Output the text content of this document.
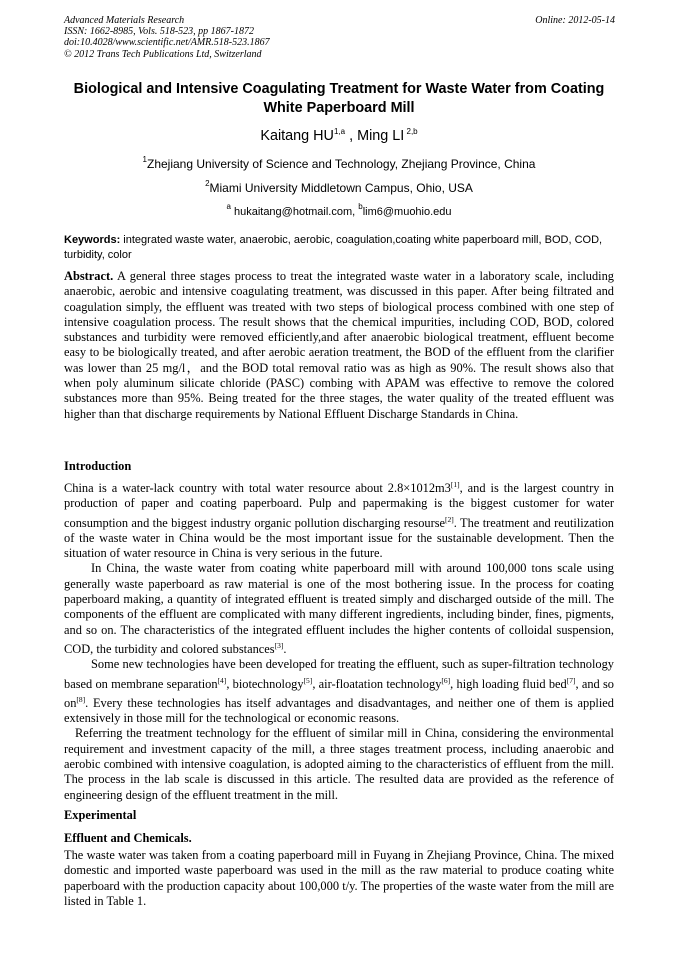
Advanced Materials Research
ISSN: 1662-8985, Vols. 518-523, pp 1867-1872
doi:10.4028/www.scientific.net/AMR.518-523.1867
© 2012 Trans Tech Publications Ltd, Switzerland
Online: 2012-05-14
Biological and Intensive Coagulating Treatment for Waste Water from Coating White Paperboard Mill
Kaitang HU$^{1,a}$ , Ming LI $^{2,b}$
$^1$Zhejiang University of Science and Technology, Zhejiang Province, China
$^2$Miami University Middletown Campus, Ohio, USA
$^a$ hukaitang@hotmail.com, $^b$lim6@muohio.edu
Keywords: integrated waste water, anaerobic, aerobic, coagulation,coating white paperboard mill, BOD, COD, turbidity, color
Abstract. A general three stages process to treat the integrated waste water in a laboratory scale, including anaerobic, aerobic and intensive coagulating treatment, was discussed in this paper. After being filtrated and coagulation simply, the effluent was treated with two steps of biological process combined with one step of intensive coagulation process. The result shows that the chemical impurities, including COD, BOD, colored substances and turbidity were removed efficiently,and after anaerobic biological treatment, effluent become easy to be biologically treated, and after aerobic aeration treatment, the BOD of the effluent from the clarifier was lower than 25 mg/l，and the BOD total removal ratio was as high as 90%. The result shows also that when poly aluminum silicate chloride (PASC) combing with APAM was effective to remove the colored substances more than 95%. Being treated for the three stages, the water quality of the treated effluent was higher than that discharge requirements by National Effluent Discharge Standards in China.
Introduction

China is a water-lack country with total water resource about 2.8×1012m3[1], and is the largest country in production of paper and coating paperboard. Pulp and papermaking is the biggest customer for water consumption and the biggest industry organic pollution discharging resourse[2]. The treatment and reutilization of the waste water in China would be the most important issue for the sustainable development. Then the situation of water resource in China is very serious in the future.

In China, the waste water from coating white paperboard mill with around 100,000 tons scale using generally waste paperboard as raw material is one of the most bothering issue. In the process for coating paperboard making, a quantity of integrated effluent is treated simply and discharged outside of the mill. The components of the effluent are complicated with many different ingredients, including binder, fines, pigments, and so on. The characteristics of the integrated effluent includes the higher contents of colloidal suspension, COD, the turbidity and colored substances[3].

Some new technologies have been developed for treating the effluent, such as super-filtration technology based on membrane separation[4], biotechnology[5], air-floatation technology[6], high loading fluid bed[7], and so on[8]. Every these technologies has itself advantages and disadvantages, and neither one of them is applied extensively in those mill for the technological or economic reasons.

Referring the treatment technology for the effluent of similar mill in China, considering the environmental requirement and investment capacity of the mill, a three stages treatment process, including anaerobic and aerobic combined with intensive coagulation, is adopted aiming to the characteristics of effluent from the mill. The process in the lab scale is discussed in this article. The resulted data are provided as the reference of engineering design of the effluent treatment in the mill.

Experimental
Effluent and Chemicals.

The waste water was taken from a coating paperboard mill in Fuyang in Zhejiang Province, China. The mixed domestic and imported waste paperboard was used in the mill as the raw material to produce coating white paperboard with the production capacity about 100,000 t/y. The properties of the waste water from the mill are listed in Table 1.
